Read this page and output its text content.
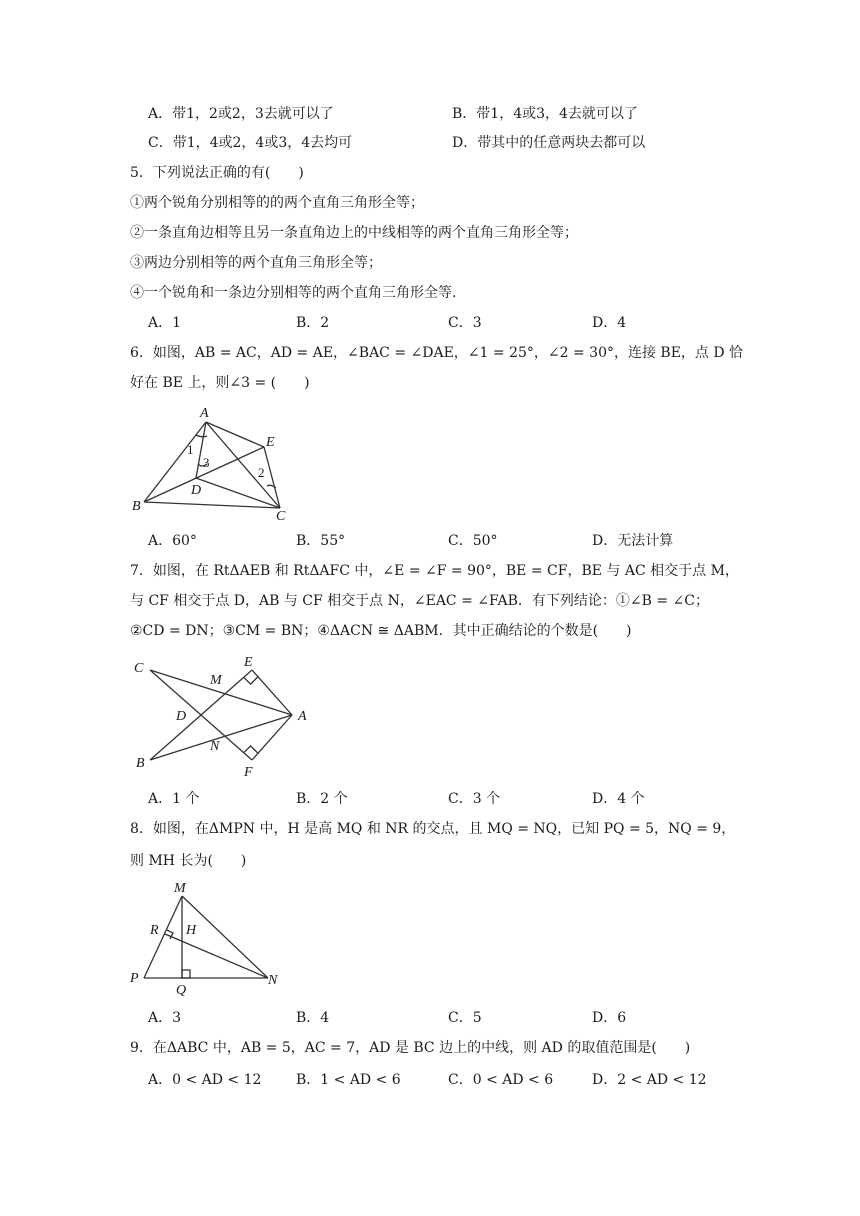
A．带1，2或2，3去就可以了	B．带1，4或3，4去就可以了
C．带1，4或2，4或3，4去均可	D．带其中的任意两块去都可以
5．下列说法正确的有(　　)
①两个锐角分别相等的的两个直角三角形全等；
②一条直角边相等且另一条直角边上的中线相等的两个直角三角形全等；
③两边分别相等的两个直角三角形全等；
④一个锐角和一条边分别相等的两个直角三角形全等.
A．1	B．2	C．3	D．4
6．如图，AB = AC，AD = AE，∠BAC = ∠DAE，∠1 = 25°，∠2 = 30°，连接 BE，点 D 恰
好在 BE 上，则∠3 = (　　)
A
B
C
D
E
1
2
3
A．60°	B．55°	C．50°	D．无法计算
7．如图，在 RtΔAEB 和 RtΔAFC 中，∠E = ∠F = 90°，BE = CF，BE 与 AC 相交于点 M，
与 CF 相交于点 D，AB 与 CF 相交于点 N，∠EAC = ∠FAB．有下列结论：①∠B = ∠C；
②CD = DN；③CM = BN；④ΔACN ≅ ΔABM．其中正确结论的个数是(　　)
C
B
E
F
A
M
D
N
A．1 个	B．2 个	C．3 个	D．4 个
8．如图，在ΔMPN 中，H 是高 MQ 和 NR 的交点，且 MQ = NQ，已知 PQ = 5，NQ = 9，
则 MH 长为(　　)
M
R H
P
Q
N
A．3	B．4	C．5	D．6
9．在ΔABC 中，AB = 5，AC = 7，AD 是 BC 边上的中线，则 AD 的取值范围是(　　)
A．0 < AD < 12 B．1 < AD < 6	C．0 < AD < 6	D．2 < AD < 12
